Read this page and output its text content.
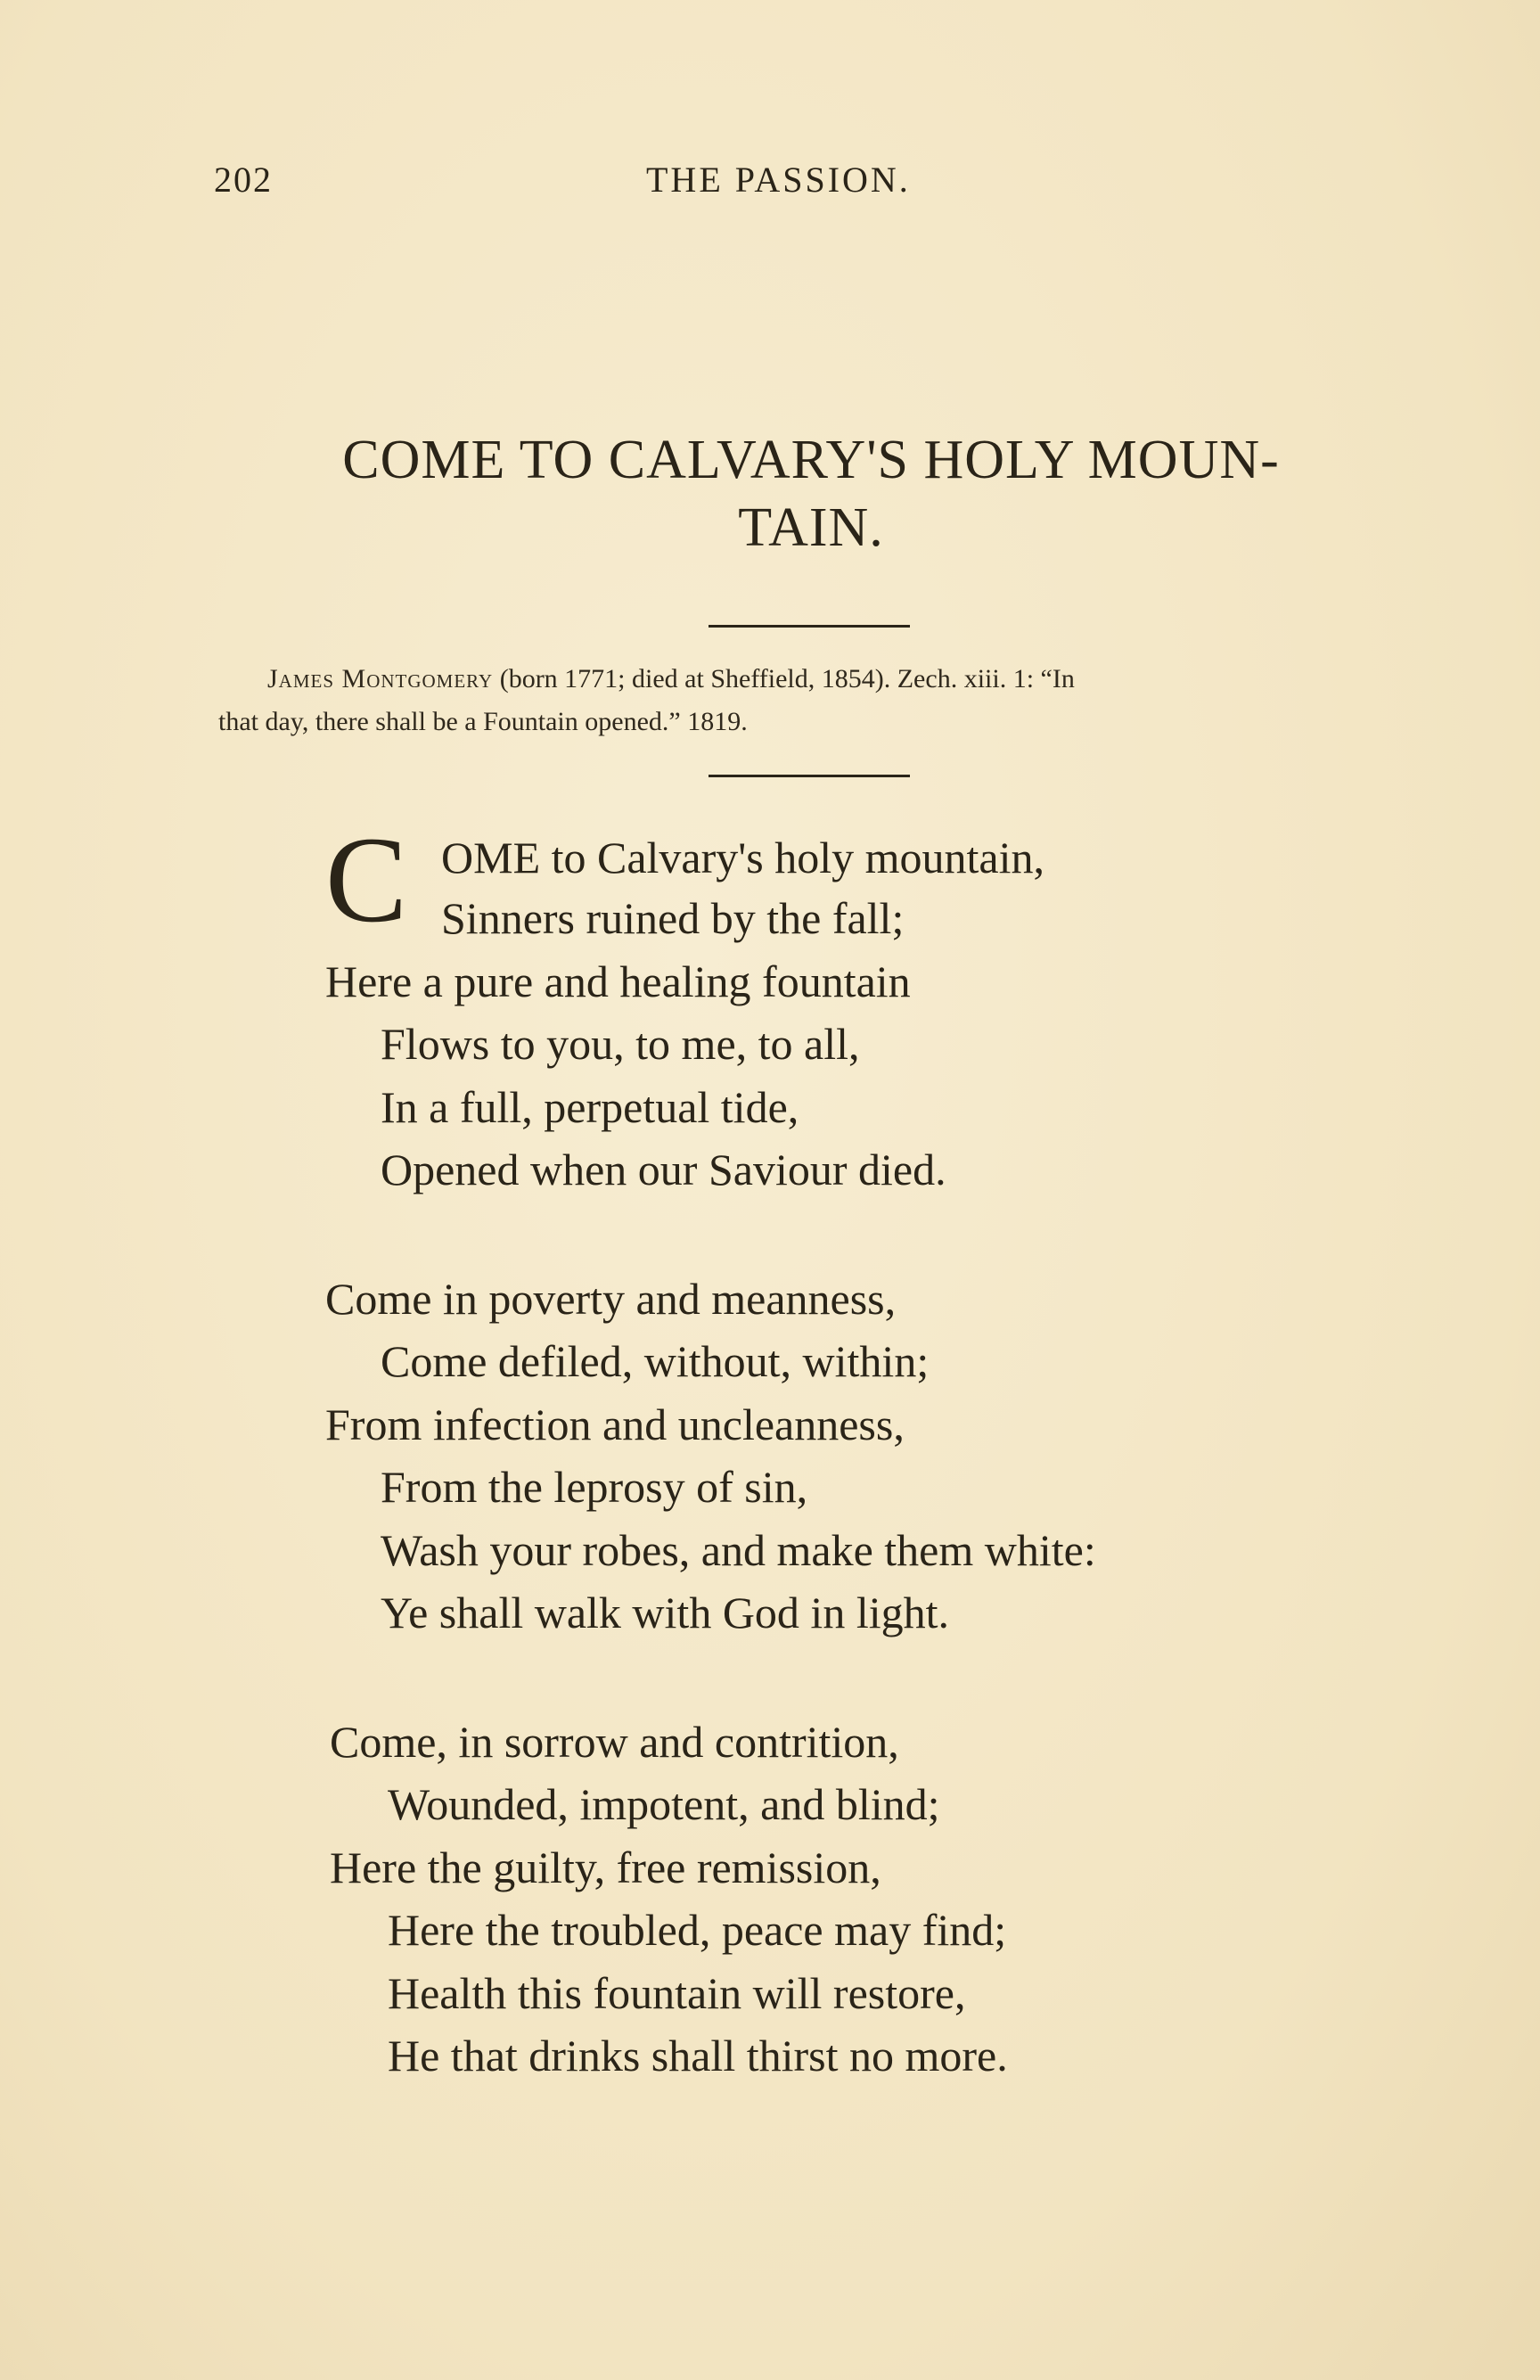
202	THE PASSION.
COME TO CALVARY'S HOLY MOUN-
TAIN.
James Montgomery (born 1771; died at Sheffield, 1854). Zech. xiii. 1: “In
that day, there shall be a Fountain opened.” 1819.
C OME to Calvary's holy mountain,
Sinners ruined by the fall;
Here a pure and healing fountain
Flows to you, to me, to all,
In a full, perpetual tide,
Opened when our Saviour died.
Come in poverty and meanness,
Come defiled, without, within;
From infection and uncleanness,
From the leprosy of sin,
Wash your robes, and make them white:
Ye shall walk with God in light.
Come, in sorrow and contrition,
Wounded, impotent, and blind;
Here the guilty, free remission,
Here the troubled, peace may find;
Health this fountain will restore,
He that drinks shall thirst no more.
